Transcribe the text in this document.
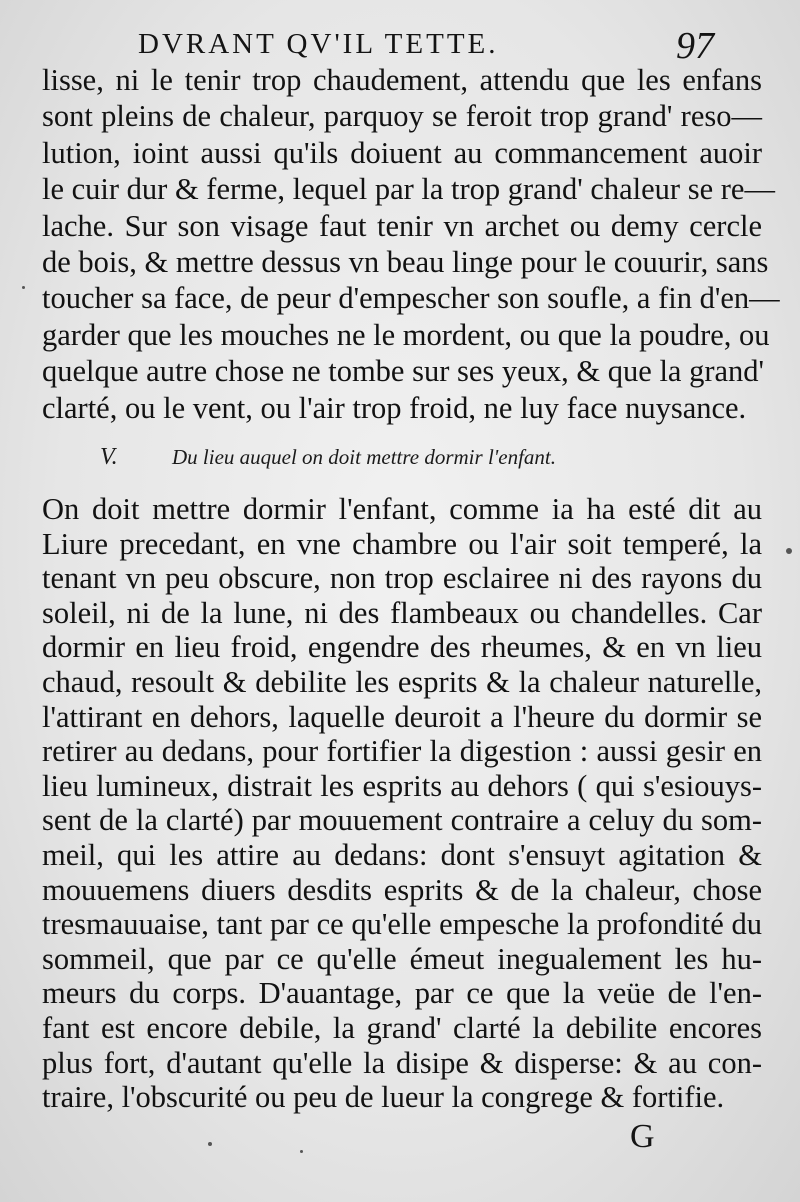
DVRANT QV'IL TETTE.	97
lisse, ni le tenir trop chaudement, attendu que les enfans
sont pleins de chaleur, parquoy se feroit trop grand' reso—
lution, ioint aussi qu'ils doiuent au commancement auoir
le cuir dur & ferme, lequel par la trop grand' chaleur se re—
lache. Sur son visage faut tenir vn archet ou demy cercle
de bois, & mettre dessus vn beau linge pour le couurir, sans
toucher sa face, de peur d'empescher son soufle, a fin d'en—
garder que les mouches ne le mordent, ou que la poudre, ou
quelque autre chose ne tombe sur ses yeux, & que la grand'
clarté, ou le vent, ou l'air trop froid, ne luy face nuysance.
V.	Du lieu auquel on doit mettre dormir l'enfant.
On doit mettre dormir l'enfant, comme ia ha esté dit au
Liure precedant, en vne chambre ou l'air soit temperé, la
tenant vn peu obscure, non trop esclairee ni des rayons du
soleil, ni de la lune, ni des flambeaux ou chandelles. Car
dormir en lieu froid, engendre des rheumes, & en vn lieu
chaud, resoult & debilite les esprits & la chaleur naturelle,
l'attirant en dehors, laquelle deuroit a l'heure du dormir se
retirer au dedans, pour fortifier la digestion : aussi gesir en
lieu lumineux, distrait les esprits au dehors ( qui s'esiouys-
sent de la clarté) par mouuement contraire a celuy du som-
meil, qui les attire au dedans: dont s'ensuyt agitation &
mouuemens diuers desdits esprits & de la chaleur, chose
tresmauuaise, tant par ce qu'elle empesche la profondité du
sommeil, que par ce qu'elle émeut inegualement les hu-
meurs du corps. D'auantage, par ce que la veüe de l'en-
fant est encore debile, la grand' clarté la debilite encores
plus fort, d'autant qu'elle la disipe & disperse: & au con-
traire, l'obscurité ou peu de lueur la congrege & fortifie.
G
